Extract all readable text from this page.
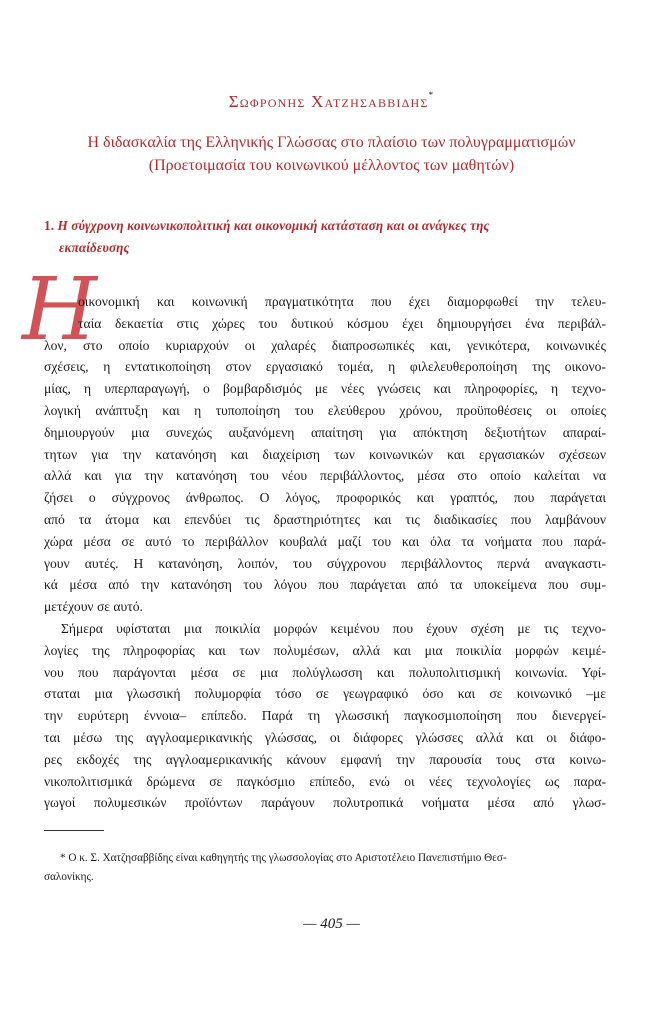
Σωφρονης Χατζησαββιδης*
Η διδασκαλία της Ελληνικής Γλώσσας στο πλαίσιο των πολυγραμματισμών
(Προετοιμασία του κοινωνικού μέλλοντος των μαθητών)
1. Η σύγχρονη κοινωνικοπολιτική και οικονομική κατάσταση και οι ανάγκες της
εκπαίδευσης
Η
οικονομική και κοινωνική πραγματικότητα που έχει διαμορφωθεί την τελευ-
ταία δεκαετία στις χώρες του δυτικού κόσμου έχει δημιουργήσει ένα περιβάλ-
λον, στο οποίο κυριαρχούν οι χαλαρές διαπροσωπικές και, γενικότερα, κοινωνικές
σχέσεις, η εντατικοποίηση στον εργασιακό τομέα, η φιλελευθεροποίηση της οικονο-
μίας, η υπερπαραγωγή, ο βομβαρδισμός με νέες γνώσεις και πληροφορίες, η τεχνο-
λογική ανάπτυξη και η τυποποίηση του ελεύθερου χρόνου, προϋποθέσεις οι οποίες
δημιουργούν μια συνεχώς αυξανόμενη απαίτηση για απόκτηση δεξιοτήτων απαραί-
τητων για την κατανόηση και διαχείριση των κοινωνικών και εργασιακών σχέσεων
αλλά και για την κατανόηση του νέου περιβάλλοντος, μέσα στο οποίο καλείται να
ζήσει ο σύγχρονος άνθρωπος. Ο λόγος, προφορικός και γραπτός, που παράγεται
από τα άτομα και επενδύει τις δραστηριότητες και τις διαδικασίες που λαμβάνουν
χώρα μέσα σε αυτό το περιβάλλον κουβαλά μαζί του και όλα τα νοήματα που παρά-
γουν αυτές. Η κατανόηση, λοιπόν, του σύγχρονου περιβάλλοντος περνά αναγκαστι-
κά μέσα από την κατανόηση του λόγου που παράγεται από τα υποκείμενα που συμ-
μετέχουν σε αυτό.
Σήμερα υφίσταται μια ποικιλία μορφών κειμένου που έχουν σχέση με τις τεχνο-
λογίες της πληροφορίας και των πολυμέσων, αλλά και μια ποικιλία μορφών κειμέ-
νου που παράγονται μέσα σε μια πολύγλωσση και πολυπολιτισμική κοινωνία. Υφί-
σταται μια γλωσσική πολυμορφία τόσο σε γεωγραφικό όσο και σε κοινωνικό –με
την ευρύτερη έννοια– επίπεδο. Παρά τη γλωσσική παγκοσμιοποίηση που διενεργεί-
ται μέσω της αγγλοαμερικανικής γλώσσας, οι διάφορες γλώσσες αλλά και οι διάφο-
ρες εκδοχές της αγγλοαμερικανικής κάνουν εμφανή την παρουσία τους στα κοινω-
νικοπολιτισμικά δρώμενα σε παγκόσμιο επίπεδο, ενώ οι νέες τεχνολογίες ως παρα-
γωγοί πολυμεσικών προϊόντων παράγουν πολυτροπικά νοήματα μέσα από γλωσ-
* Ο κ. Σ. Χατζησαββίδης είναι καθηγητής της γλωσσολογίας στο Αριστοτέλειο Πανεπιστήμιο Θεσ-
σαλονίκης.
— 405 —
